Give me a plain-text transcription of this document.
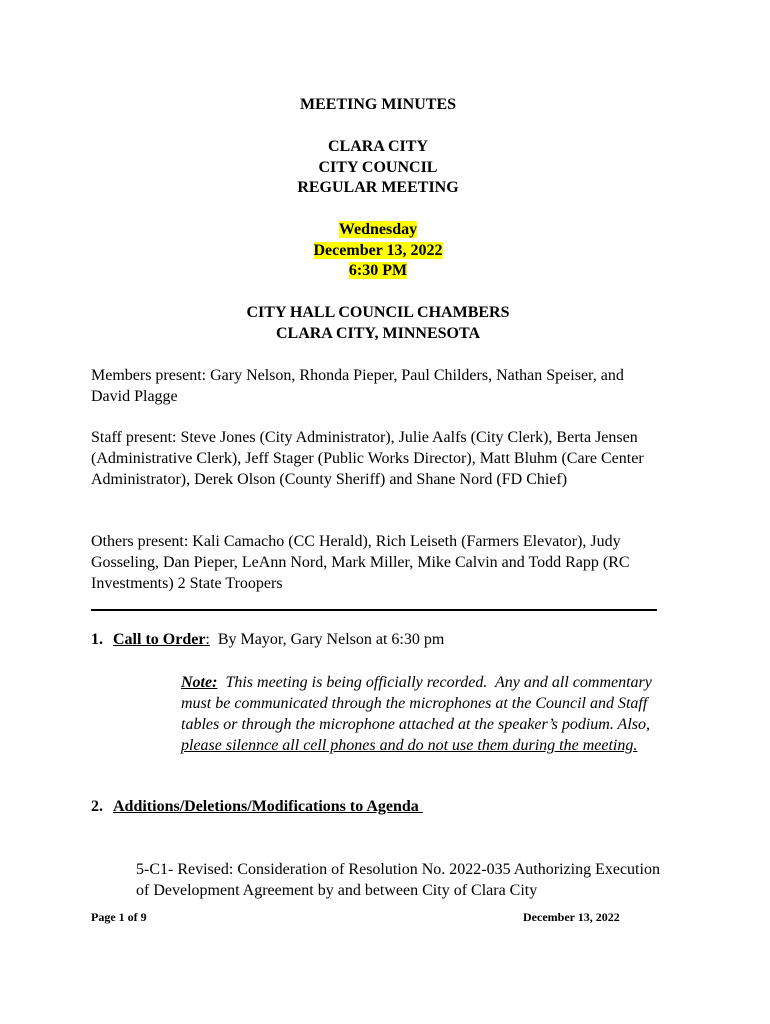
MEETING MINUTES
CLARA CITY
CITY COUNCIL
REGULAR MEETING
Wednesday
December 13, 2022
6:30 PM
CITY HALL COUNCIL CHAMBERS
CLARA CITY, MINNESOTA
Members present: Gary Nelson, Rhonda Pieper, Paul Childers, Nathan Speiser, and David Plagge
Staff present: Steve Jones (City Administrator), Julie Aalfs (City Clerk), Berta Jensen (Administrative Clerk), Jeff Stager (Public Works Director), Matt Bluhm (Care Center Administrator), Derek Olson (County Sheriff) and Shane Nord (FD Chief)
Others present: Kali Camacho (CC Herald), Rich Leiseth (Farmers Elevator), Judy Gosseling, Dan Pieper, LeAnn Nord, Mark Miller, Mike Calvin and Todd Rapp (RC Investments) 2 State Troopers
1. Call to Order:  By Mayor, Gary Nelson at 6:30 pm
Note:  This meeting is being officially recorded.  Any and all commentary must be communicated through the microphones at the Council and Staff tables or through the microphone attached at the speaker’s podium. Also, please silennce all cell phones and do not use them during the meeting.
2. Additions/Deletions/Modifications to Agenda
5-C1- Revised: Consideration of Resolution No. 2022-035 Authorizing Execution of Development Agreement by and between City of Clara City
Page 1 of 9	December 13, 2022
